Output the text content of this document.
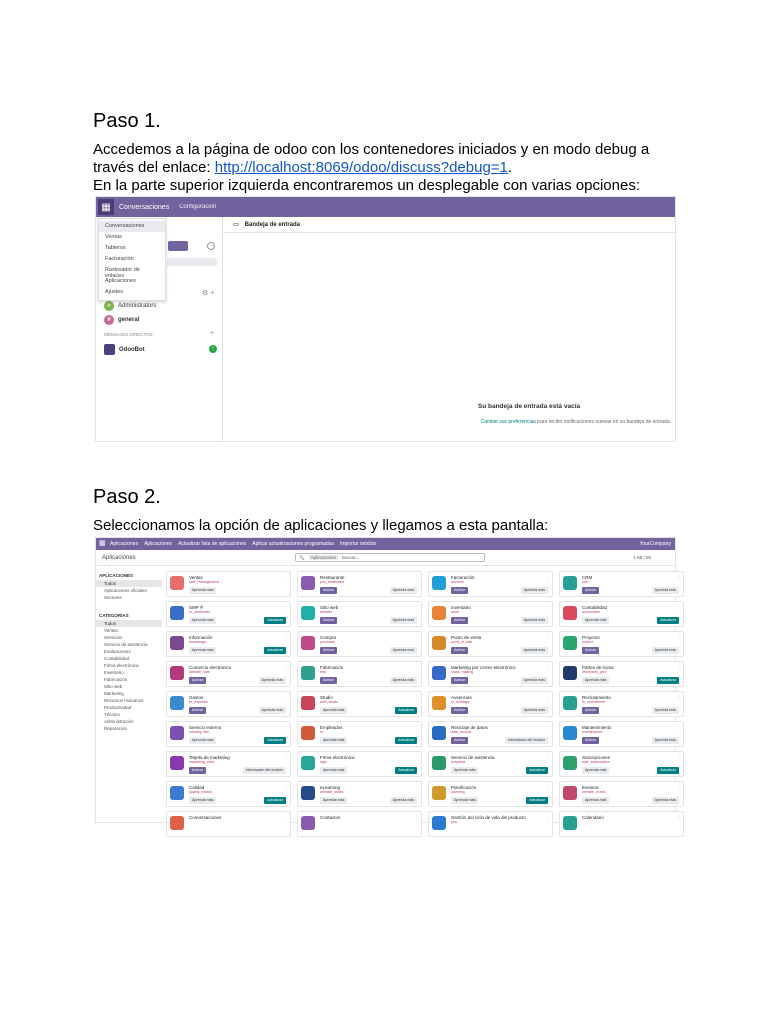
Paso 1.

Accedemos a la página de odoo con los contenedores iniciados y en modo debug a través del enlace: http://localhost:8069/odoo/discuss?debug=1.

En la parte superior izquierda encontraremos un desplegable con varias opciones:

▦	Conversaciones Configuración
Conversaciones
Ventas
Tableros
Facturación
Rastreador de enlaces
Aplicaciones
Ajustes

···
⚙ +
#	Administrators
#	general
MENSAJES DIRECTOS	+
OdooBot	!
▭ Bandeja de entrada
Su bandeja de entrada está vacía
Cambie sus preferencias para recibir notificaciones nuevas en su bandeja de entrada.
Paso 2.

Seleccionamos la opción de aplicaciones y llegamos a esta pantalla:

▦ Aplicaciones Aplicaciones Actualizar lista de aplicaciones Aplicar actualizaciones programadas Importar módulo	YourCompany
Aplicaciones	🔍	Aplicaciones	Buscar...	1-55 / 55
APLICACIONES
Todos
Aplicaciones oficiales
Sectores
CATEGORÍAS
Todos
Ventas
Servicios
Servicio de asistencia
Evaluaciones
Contabilidad
Firma electrónica
Inventario
Fabricación
Sitio web
Marketing
Recursos Humanos
Productividad
Técnico
Administración
Reparación
Ventas
sale_management
⋮
Aprenda más
Restaurante
pos_restaurant
⋮
Activar	Aprenda más
Facturación
account
⋮
Activar	Aprenda más
CRM
crm
⋮
Activar	Aprenda más
SMP ®
hr_workorder
⋮
Aprenda más	Actualizar
Sitio web
website
⋮
Activar	Aprenda más
Inventario
stock
⋮
Activar	Aprenda más
Contabilidad
accountant
⋮
Aprenda más	Actualizar
Información
knowledge
⋮
Aprenda más	Actualizar
Compra
purchase
⋮
Activar	Aprenda más
Punto de venta
point_of_sale
⋮
Activar	Aprenda más
Proyecto
project
⋮
Activar	Aprenda más
Comercio electrónico
website_sale
⋮
Activar	Aprenda más
Fabricación
mrp
⋮
Activar	Aprenda más
Marketing por correo electrónico
mass_mailing
⋮
Activar	Aprenda más
Partes de horas
timesheet_grid
⋮
Aprenda más	Actualizar
Gastos
hr_expense
⋮
Activar	Aprenda más
Studio
web_studio
⋮
Aprenda más	Actualizar
Ausencias
hr_holidays
⋮
Activar	Aprenda más
Reclutamiento
hr_recruitment
⋮
Activar	Aprenda más
Servicio externo
industry_fsm
⋮
Aprenda más	Actualizar
Empleados
hr
⋮
Aprenda más	Actualizar
Reciclaje de datos
data_recycle
⋮
Activar	Información del módulo
Mantenimiento
maintenance
⋮
Activar	Aprenda más
Tarjeta de marketing
marketing_card
⋮
Activar	Información del módulo
Firma electrónica
sign
⋮
Aprenda más	Actualizar
Servicio de asistencia
helpdesk
⋮
Aprenda más	Actualizar
Suscripciones
sale_subscription
⋮
Aprenda más	Actualizar
Calidad
quality_control
⋮
Aprenda más	Actualizar
eLearning
website_slides
⋮
Aprenda más	Aprenda más
Planificación
planning
⋮
Aprenda más	Actualizar
Eventos
website_event
⋮
Aprenda más	Aprenda más
Conversaciones	⋮	Contactos	⋮	Gestión del ciclo de vida del producto
plm
⋮	Calendario	⋮
